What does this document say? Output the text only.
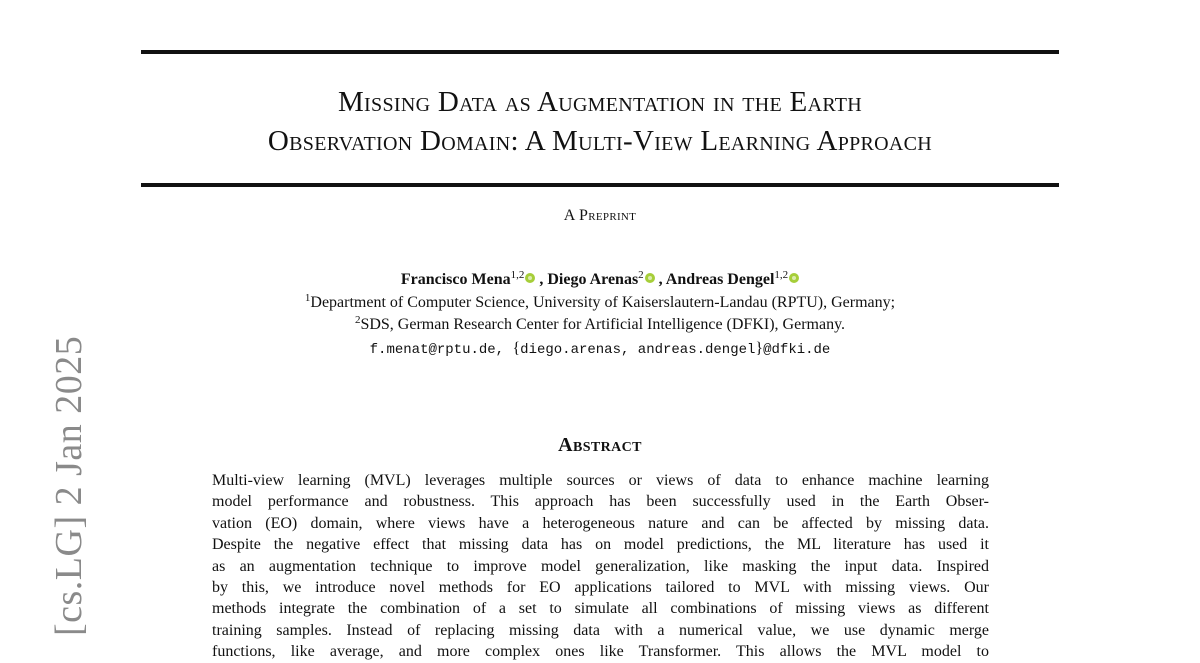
Missing Data as Augmentation in the Earth
Observation Domain: A Multi-View Learning Approach
A Preprint
Francisco Mena$^{1,2}$ , Diego Arenas$^2$ , Andreas Dengel$^{1,2}$
$^1$Department of Computer Science, University of Kaiserslautern-Landau (RPTU), Germany;
$^2$SDS, German Research Center for Artificial Intelligence (DFKI), Germany.
f.menat@rptu.de, {diego.arenas, andreas.dengel}@dfki.de
Abstract
Multi-view learning (MVL) leverages multiple sources or views of data to enhance machine learning
model performance and robustness. This approach has been successfully used in the Earth Obser-
vation (EO) domain, where views have a heterogeneous nature and can be affected by missing data.
Despite the negative effect that missing data has on model predictions, the ML literature has used it
as an augmentation technique to improve model generalization, like masking the input data. Inspired
by this, we introduce novel methods for EO applications tailored to MVL with missing views. Our
methods integrate the combination of a set to simulate all combinations of missing views as different
training samples. Instead of replacing missing data with a numerical value, we use dynamic merge
functions, like average, and more complex ones like Transformer. This allows the MVL model to
[cs.LG] 2 Jan 2025
